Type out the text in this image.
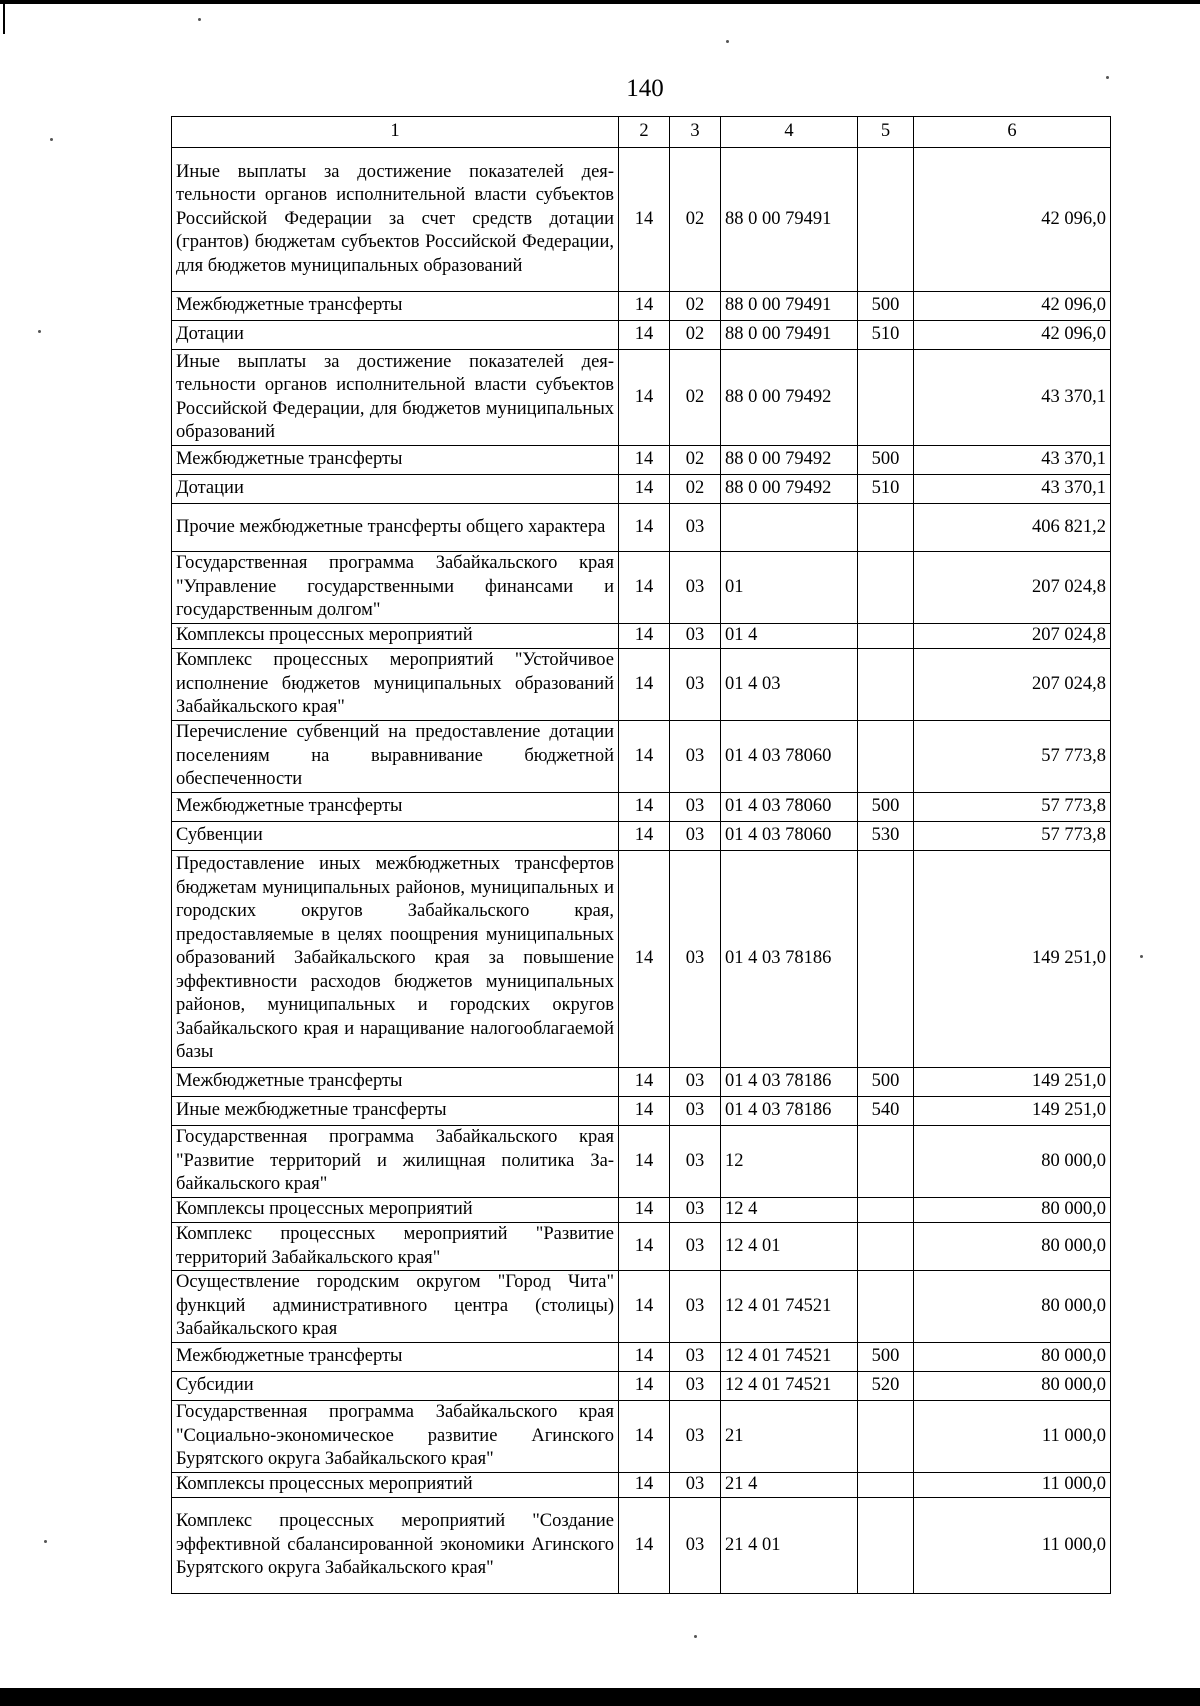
140
1	2	3	4	5	6
Иные выплаты за достижение показателей деятельности органов исполнительной власти субъектов Российской Федерации за счет средств дотации (грантов) бюджетам субъектов Российской Федерации, для бюджетов муниципальных образований	14	02	88 0 00 79491		42 096,0
Межбюджетные трансферты	14	02	88 0 00 79491	500	42 096,0
Дотации	14	02	88 0 00 79491	510	42 096,0
Иные выплаты за достижение показателей деятельности органов исполнительной власти субъектов Российской Федерации, для бюджетов муниципальных образований	14	02	88 0 00 79492		43 370,1
Межбюджетные трансферты	14	02	88 0 00 79492	500	43 370,1
Дотации	14	02	88 0 00 79492	510	43 370,1
Прочие межбюджетные трансферты общего характера	14	03			406 821,2
Государственная программа Забайкальского края "Управление государственными финансами и государственным долгом"	14	03	01		207 024,8
Комплексы процессных мероприятий	14	03	01 4		207 024,8
Комплекс процессных мероприятий "Устойчивое исполнение бюджетов муниципальных образований Забайкальского края"	14	03	01 4 03		207 024,8
Перечисление субвенций на предоставление дотации поселениям на выравнивание бюджетной обеспеченности	14	03	01 4 03 78060		57 773,8
Межбюджетные трансферты	14	03	01 4 03 78060	500	57 773,8
Субвенции	14	03	01 4 03 78060	530	57 773,8
Предоставление иных межбюджетных трансфертов бюджетам муниципальных районов, муниципальных и городских округов Забайкальского края, предоставляемые в целях поощрения муниципальных образований Забайкальского края за повышение эффективности расходов бюджетов муниципальных районов, муниципальных и городских округов Забайкальского края и наращивание налогооблагаемой базы	14	03	01 4 03 78186		149 251,0
Межбюджетные трансферты	14	03	01 4 03 78186	500	149 251,0
Иные межбюджетные трансферты	14	03	01 4 03 78186	540	149 251,0
Государственная программа Забайкальского края "Развитие территорий и жилищная политика Забайкальского края"	14	03	12		80 000,0
Комплексы процессных мероприятий	14	03	12 4		80 000,0
Комплекс процессных мероприятий "Развитие территорий Забайкальского края"	14	03	12 4 01		80 000,0
Осуществление городским округом "Город Чита" функций административного центра (столицы) Забайкальского края	14	03	12 4 01 74521		80 000,0
Межбюджетные трансферты	14	03	12 4 01 74521	500	80 000,0
Субсидии	14	03	12 4 01 74521	520	80 000,0
Государственная программа Забайкальского края "Социально-экономическое развитие Агинского Бурятского округа Забайкальского края"	14	03	21		11 000,0
Комплексы процессных мероприятий	14	03	21 4		11 000,0
Комплекс процессных мероприятий "Создание эффективной сбалансированной экономики Агинского Бурятского округа Забайкальского края"	14	03	21 4 01		11 000,0
